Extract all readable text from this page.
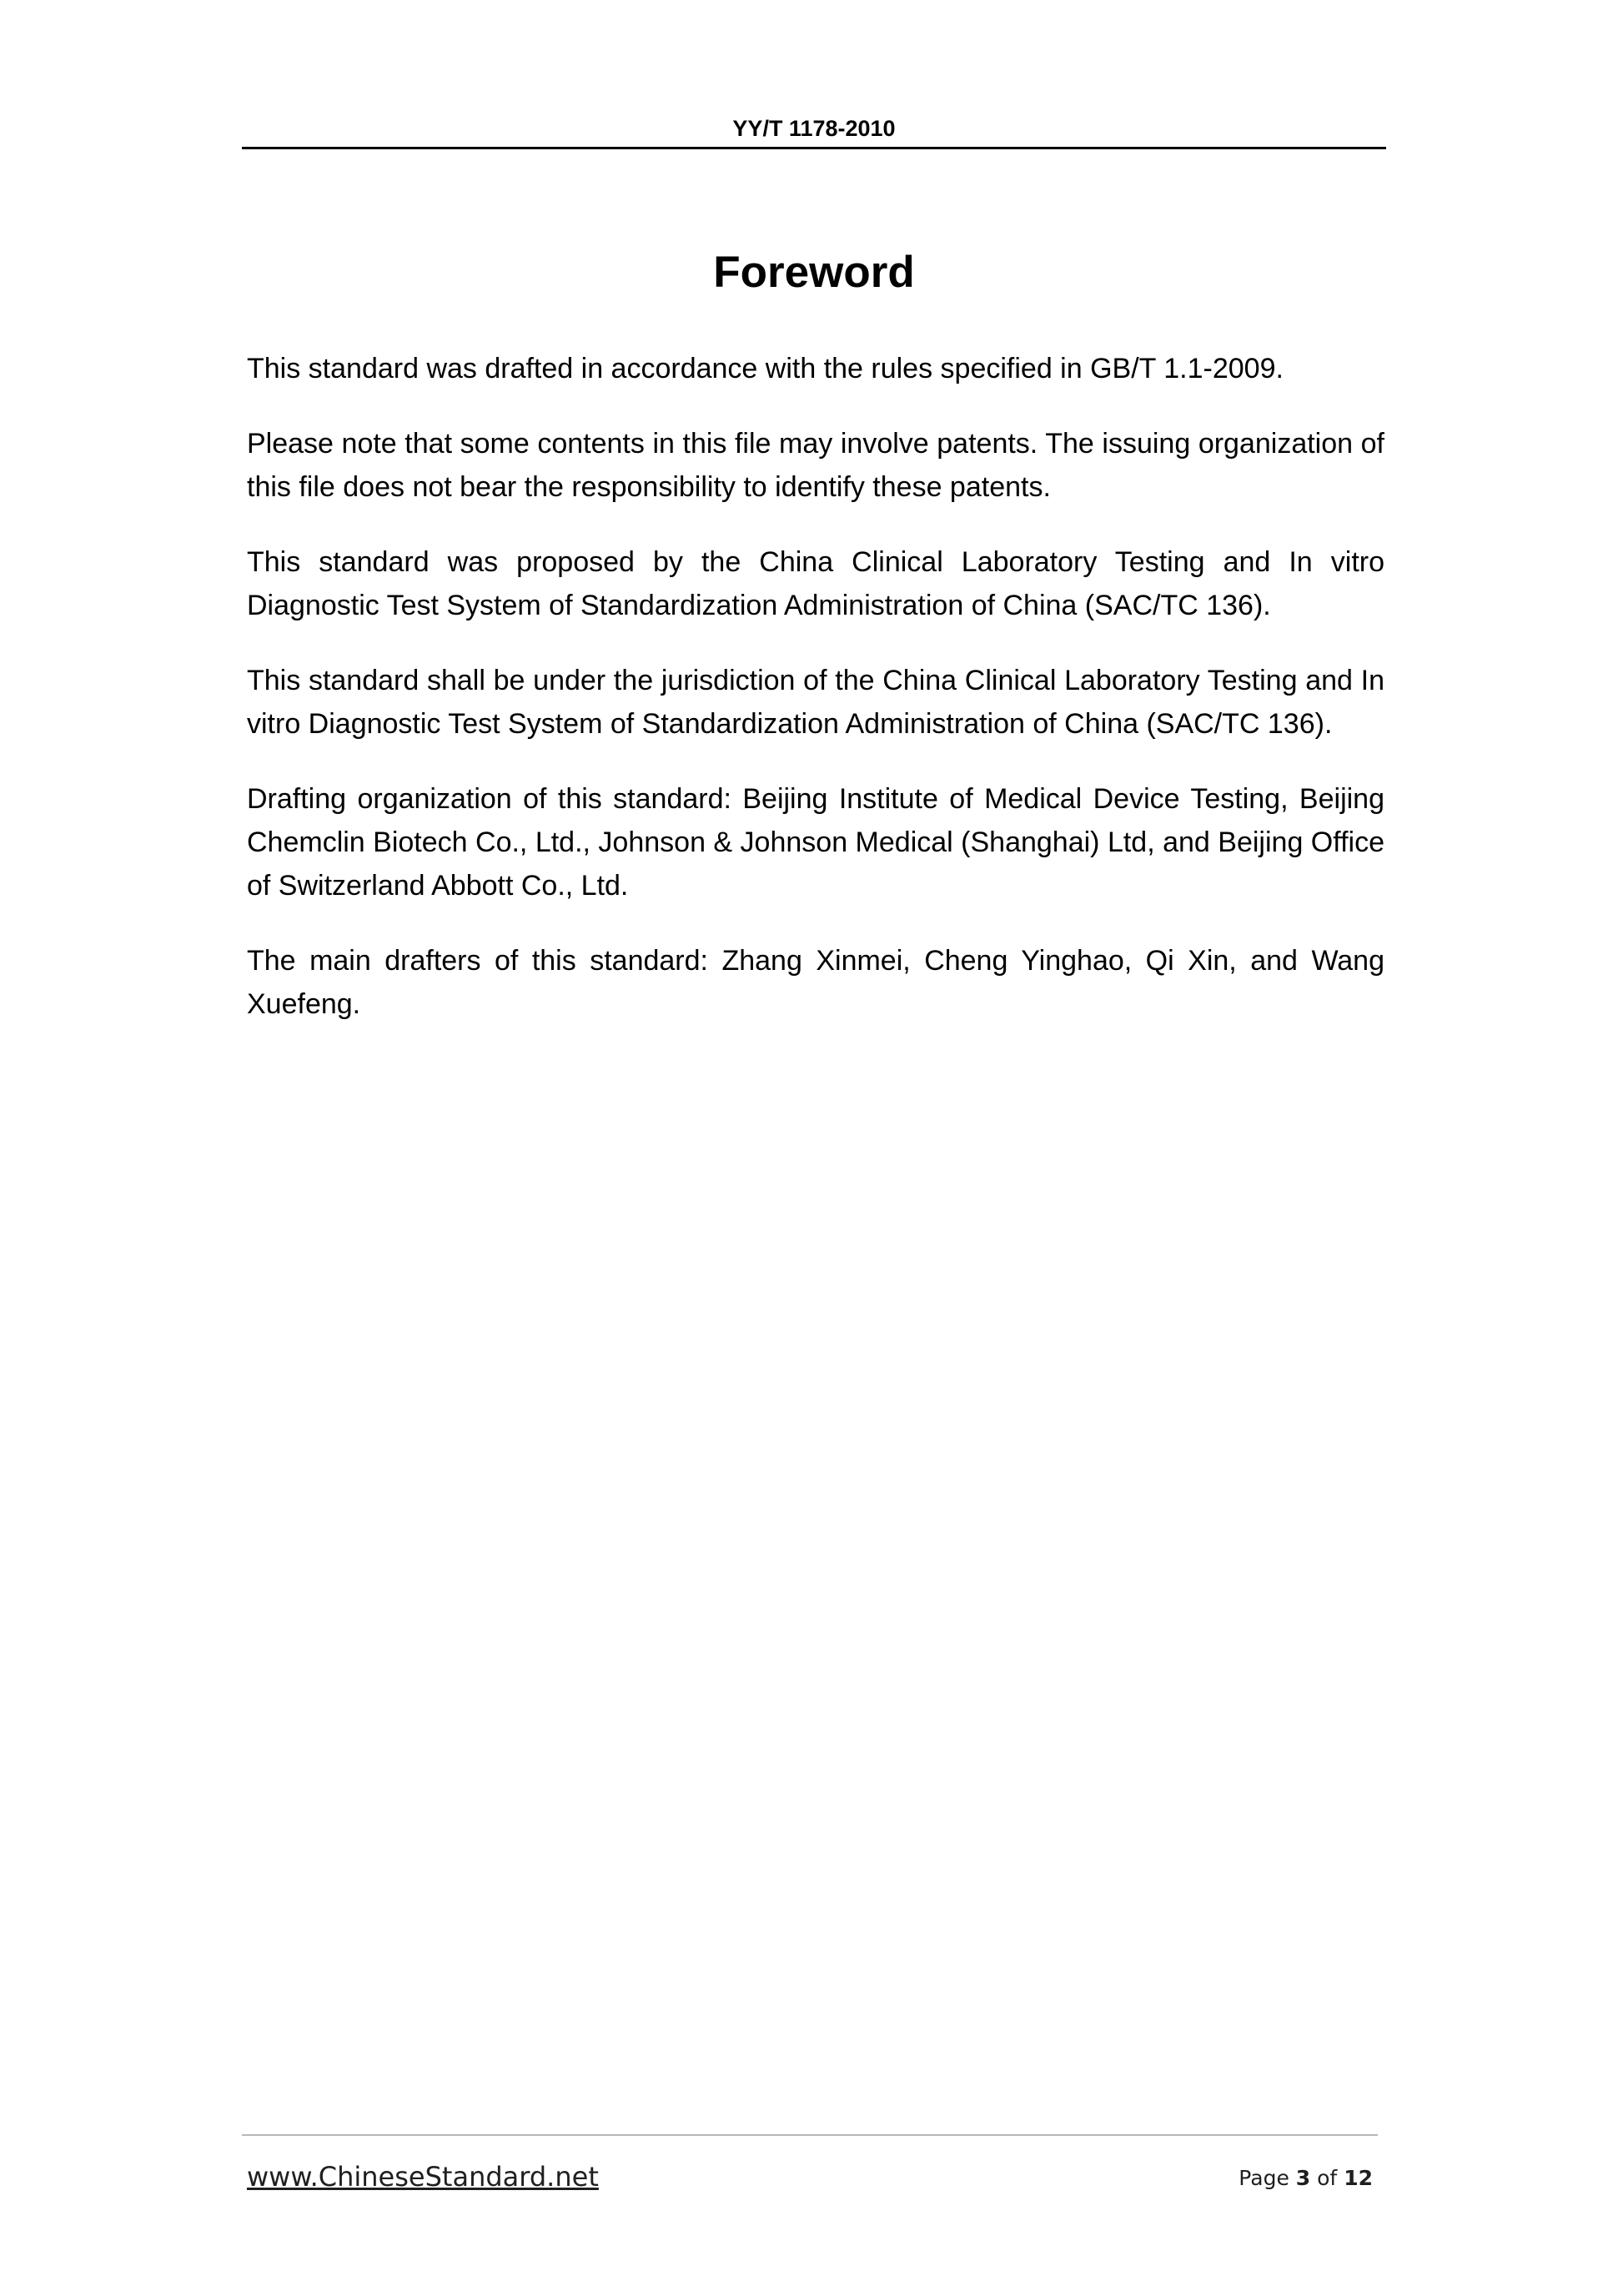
YY/T 1178-2010
Foreword

This standard was drafted in accordance with the rules specified in GB/T 1.1-2009.

Please note that some contents in this file may involve patents. The issuing organization of this file does not bear the responsibility to identify these patents.

This standard was proposed by the China Clinical Laboratory Testing and In vitro Diagnostic Test System of Standardization Administration of China (SAC/TC 136).

This standard shall be under the jurisdiction of the China Clinical Laboratory Testing and In vitro Diagnostic Test System of Standardization Administration of China (SAC/TC 136).

Drafting organization of this standard: Beijing Institute of Medical Device Testing, Beijing Chemclin Biotech Co., Ltd., Johnson & Johnson Medical (Shanghai) Ltd, and Beijing Office of Switzerland Abbott Co., Ltd.

The main drafters of this standard: Zhang Xinmei, Cheng Yinghao, Qi Xin, and Wang Xuefeng.

www.ChineseStandard.net	Page 3 of 12
